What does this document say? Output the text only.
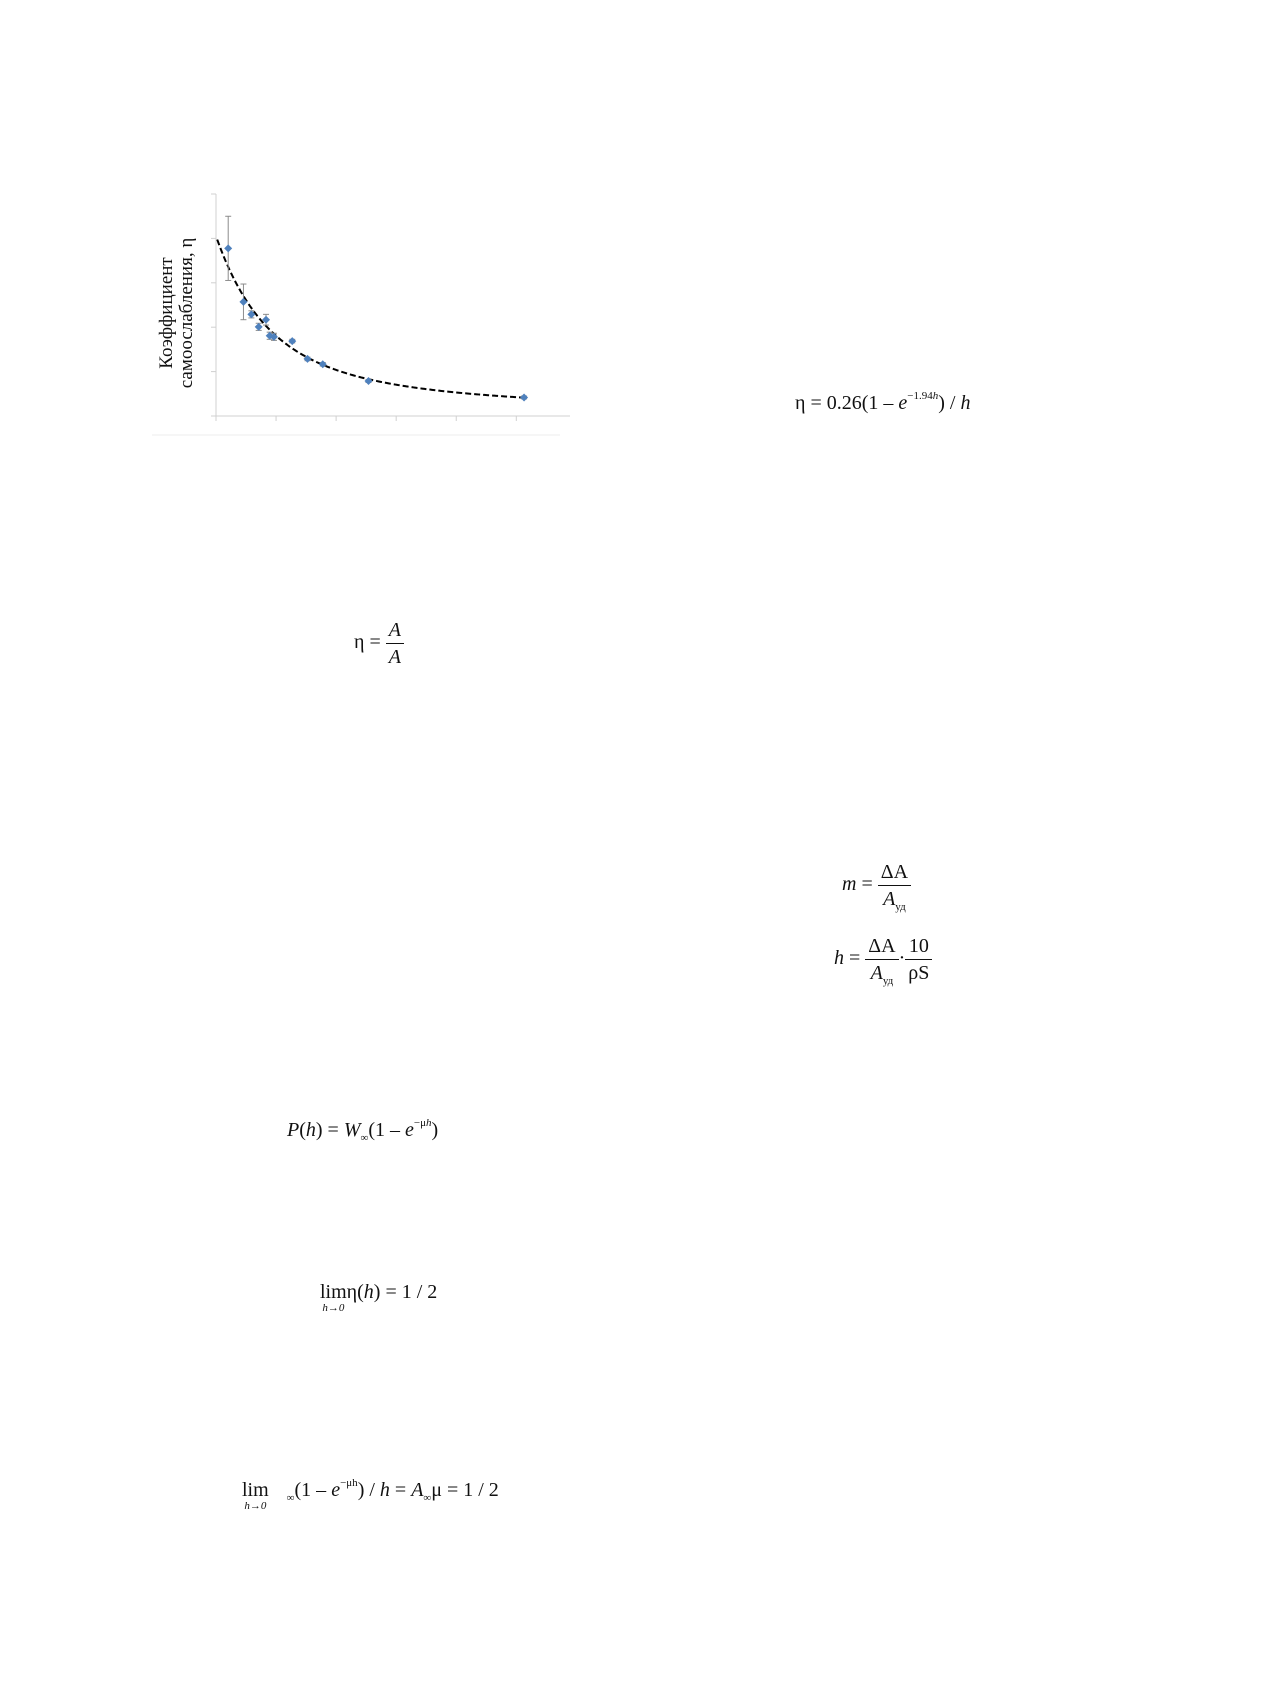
Коэффициент самоослабления, η
$\eta = 0.26(1 - e^{-1.94h}) / h$
$\eta = \frac{A}{A}$
$m = \frac{\Delta A}{A_{уд}}$
$h = \frac{\Delta A}{A_{уд}} \cdot \frac{10}{\rho S}$
$P(h) = W_\infty(1 - e^{-\mu h})$
lim
h→0
η(h) = 1 / 2
lim
h→0
$_\infty(1 - e^{-\mu h}) / h = A_\infty\mu = 1 / 2$
